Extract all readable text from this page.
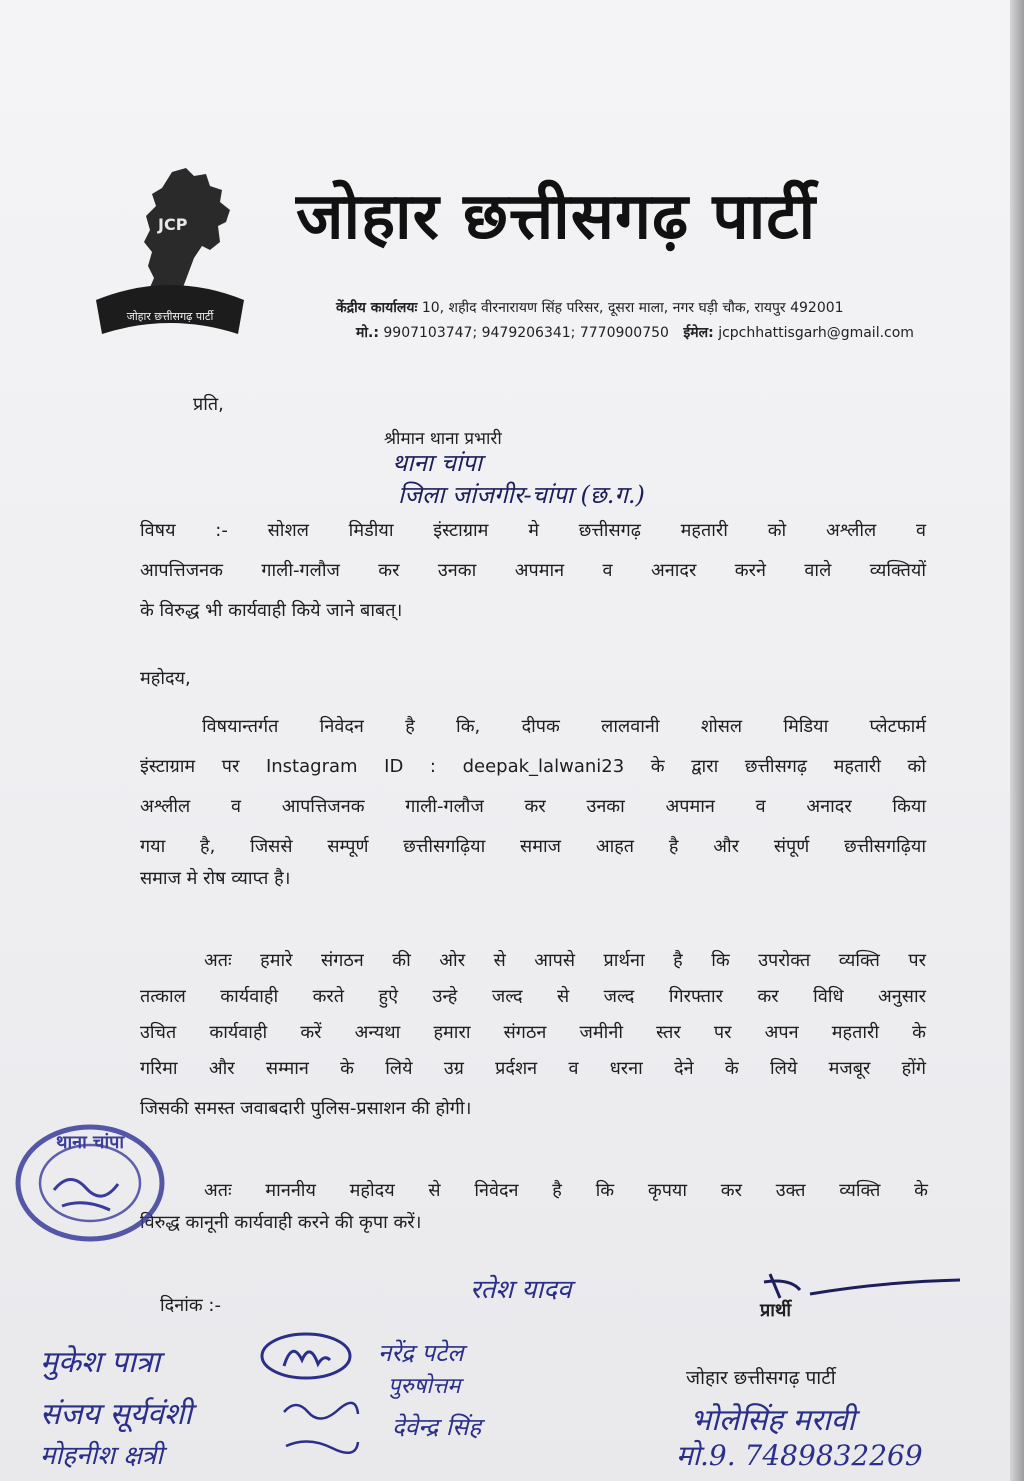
JCP
जोहार छत्तीसगढ़ पार्टी
जोहार छत्तीसगढ़ पार्टी
केंद्रीय कार्यालयः 10, शहीद वीरनारायण सिंह परिसर, दूसरा माला, नगर घड़ी चौक, रायपुर 492001
मो.: 9907103747; 9479206341; 7770900750 ईमेल: jcpchhattisgarh@gmail.com
प्रति,
श्रीमान थाना प्रभारी
थाना चांपा
जिला जांजगीर-चांपा (छ.ग.)
विषय :- सोशल मिडीया इंस्टाग्राम मे छत्तीसगढ़ महतारी को अश्लील व
आपत्तिजनक गाली-गलौज कर उनका अपमान व अनादर करने वाले व्यक्तियों
के विरुद्ध भी कार्यवाही किये जाने बाबत्।
महोदय,
विषयान्तर्गत निवेदन है कि, दीपक लालवानी शोसल मिडिया प्लेटफार्म
इंस्टाग्राम पर Instagram ID : deepak_lalwani23 के द्वारा छत्तीसगढ़ महतारी को
अश्लील व आपत्तिजनक गाली-गलौज कर उनका अपमान व अनादर किया
गया है, जिससे सम्पूर्ण छत्तीसगढ़िया समाज आहत है और संपूर्ण छत्तीसगढ़िया
समाज मे रोष व्याप्त है।
अतः हमारे संगठन की ओर से आपसे प्रार्थना है कि उपरोक्त व्यक्ति पर
तत्काल कार्यवाही करते हुऐ उन्हे जल्द से जल्द गिरफ्तार कर विधि अनुसार
उचित कार्यवाही करें अन्यथा हमारा संगठन जमीनी स्तर पर अपन महतारी के
गरिमा और सम्मान के लिये उग्र प्रर्दशन व धरना देने के लिये मजबूर होंगे
जिसकी समस्त जवाबदारी पुलिस-प्रसाशन की होगी।
अतः माननीय महोदय से निवेदन है कि कृपया कर उक्त व्यक्ति के
विरुद्ध कानूनी कार्यवाही करने की कृपा करें।
थाना चांपा
दिनांक :-
रतेश यादव
प्रार्थी
मुकेश पात्रा	नरेंद्र पटेल
पुरुषोत्तम	जोहार छत्तीसगढ़ पार्टी
संजय सूर्यवंशी	देवेन्द्र सिंह	भोलेसिंह मरावी
मोहनीश क्षत्री	मो.9. 7489832269
